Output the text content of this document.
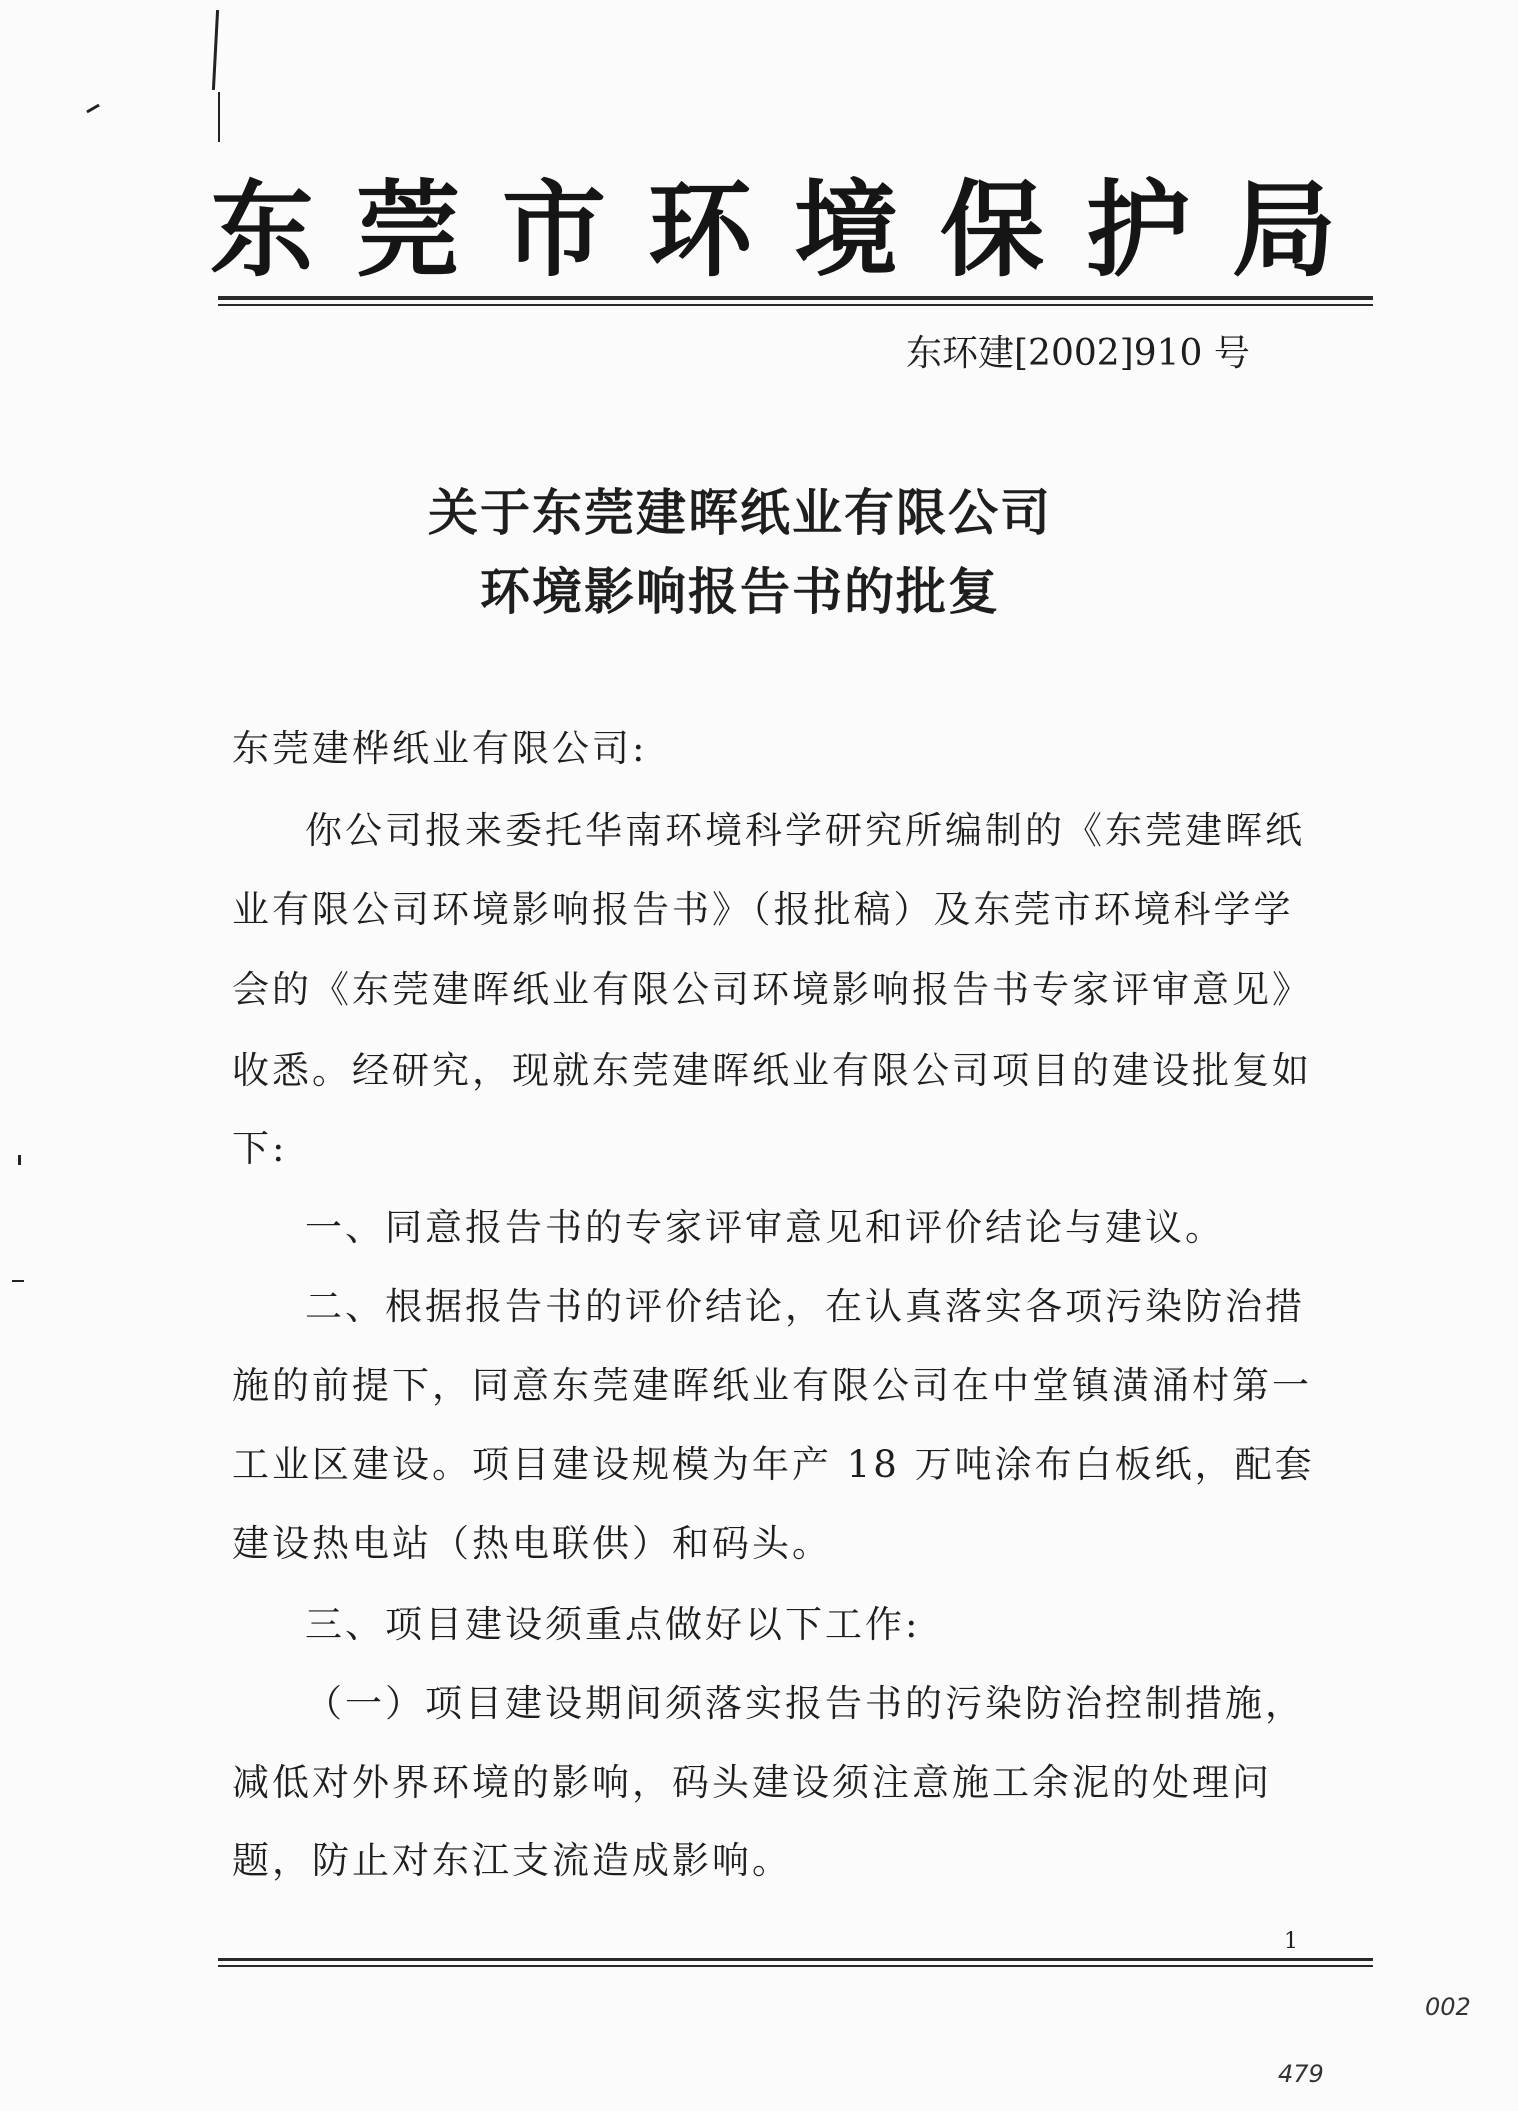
东莞市环境保护局
东环建[2002]910 号
关于东莞建晖纸业有限公司
环境影响报告书的批复
东莞建桦纸业有限公司:
你公司报来委托华南环境科学研究所编制的《东莞建晖纸
业有限公司环境影响报告书》（报批稿）及东莞市环境科学学
会的《东莞建晖纸业有限公司环境影响报告书专家评审意见》
收悉。经研究，现就东莞建晖纸业有限公司项目的建设批复如
下:
一、同意报告书的专家评审意见和评价结论与建议。
二、根据报告书的评价结论，在认真落实各项污染防治措
施的前提下，同意东莞建晖纸业有限公司在中堂镇潢涌村第一
工业区建设。项目建设规模为年产 18 万吨涂布白板纸，配套
建设热电站（热电联供）和码头。
三、项目建设须重点做好以下工作:
（一）项目建设期间须落实报告书的污染防治控制措施，
减低对外界环境的影响，码头建设须注意施工余泥的处理问
题，防止对东江支流造成影响。
1
002
479
